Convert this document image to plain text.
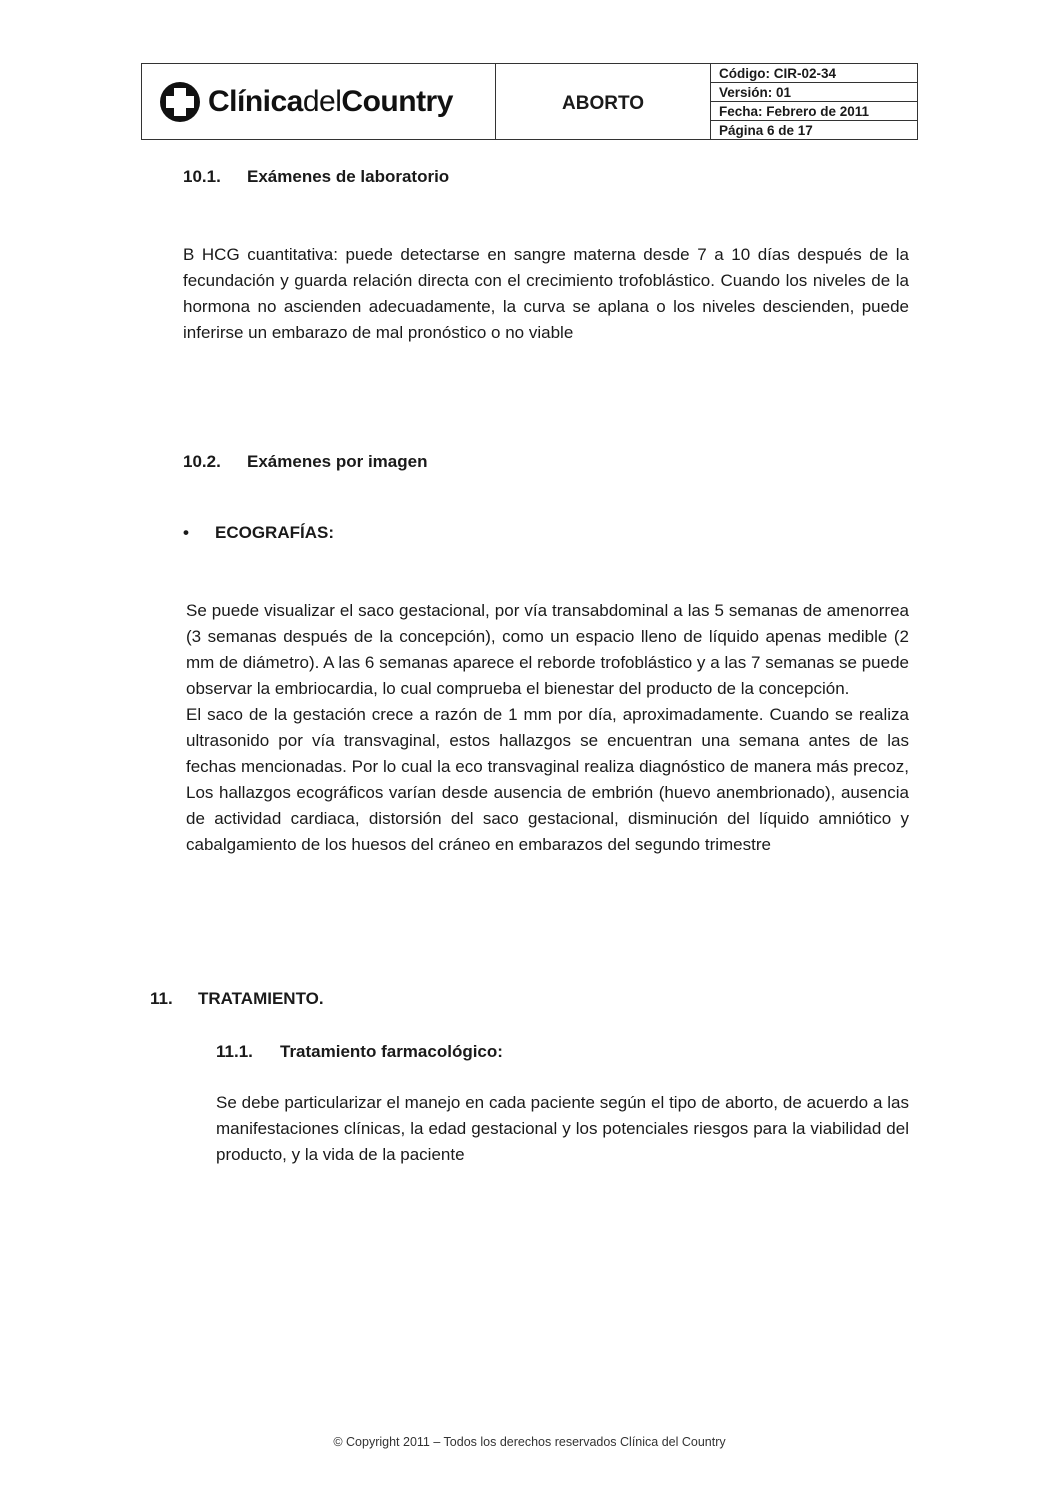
ClínicadelCountry	ABORTO
Código: CIR-02-34
Versión: 01
Fecha: Febrero de 2011
Página 6 de 17
10.1. Exámenes de laboratorio

B HCG cuantitativa: puede detectarse en sangre materna desde 7 a 10 días después de la fecundación y guarda relación directa con el crecimiento trofoblástico. Cuando los niveles de la hormona no ascienden adecuadamente, la curva se aplana o los niveles descienden, puede inferirse un embarazo de mal pronóstico o no viable

10.2. Exámenes por imagen
• ECOGRAFÍAS:

Se puede visualizar el saco gestacional, por vía transabdominal a las 5 semanas de amenorrea (3 semanas después de la concepción), como un espacio lleno de líquido apenas medible (2 mm de diámetro). A las 6 semanas aparece el reborde trofoblástico y a las 7 semanas se puede observar la embriocardia, lo cual comprueba el bienestar del producto de la concepción.

El saco de la gestación crece a razón de 1 mm por día, aproximadamente. Cuando se realiza ultrasonido por vía transvaginal, estos hallazgos se encuentran una semana antes de las fechas mencionadas. Por lo cual la eco transvaginal realiza diagnóstico de manera más precoz, Los hallazgos ecográficos varían desde ausencia de embrión (huevo anembrionado), ausencia de actividad cardiaca, distorsión del saco gestacional, disminución del líquido amniótico y cabalgamiento de los huesos del cráneo en embarazos del segundo trimestre

11. TRATAMIENTO.
11.1. Tratamiento farmacológico:

Se debe particularizar el manejo en cada paciente según el tipo de aborto, de acuerdo a las manifestaciones clínicas, la edad gestacional y los potenciales riesgos para la viabilidad del producto, y la vida de la paciente

© Copyright 2011 – Todos los derechos reservados Clínica del Country
